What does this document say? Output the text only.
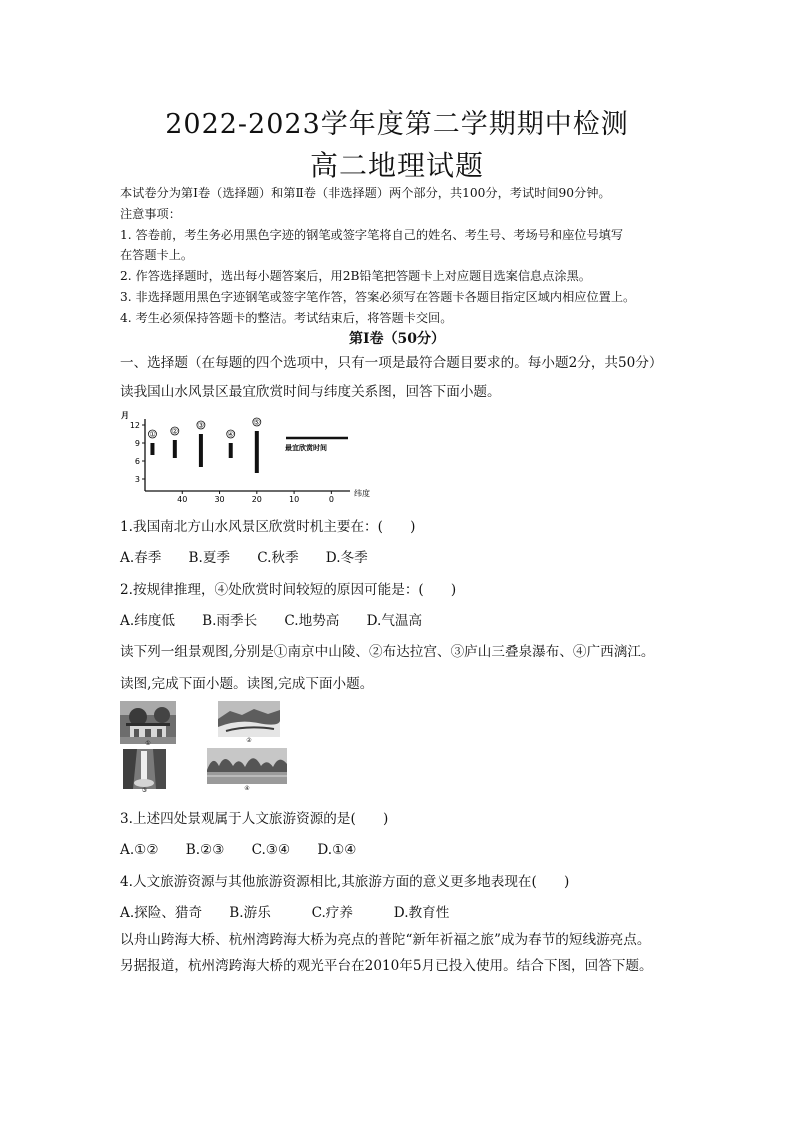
2022-2023学年度第二学期期中检测
高二地理试题
本试卷分为第Ⅰ卷（选择题）和第Ⅱ卷（非选择题）两个部分，共100分，考试时间90分钟。
注意事项：
1. 答卷前，考生务必用黑色字迹的钢笔或签字笔将自己的姓名、考生号、考场号和座位号填写
在答题卡上。
2. 作答选择题时，选出每小题答案后，用2B铅笔把答题卡上对应题目选案信息点涂黑。
3. 非选择题用黑色字迹钢笔或签字笔作答，答案必须写在答题卡各题目指定区域内相应位置上。
4. 考生必须保持答题卡的整洁。考试结束后，将答题卡交回。
第Ⅰ卷（50分）
一、选择题（在每题的四个选项中，只有一项是最符合题目要求的。每小题2分，共50分）
读我国山水风景区最宜欣赏时间与纬度关系图，回答下面小题。
月
纬度
12
9
6
3
40	30	20	10	0
① ②
③
④
⑤
最宜欣赏时间
1.我国南北方山水风景区欣赏时机主要在：(　　)
A.春季　　B.夏季　　C.秋季　　D.冬季
2.按规律推理，④处欣赏时间较短的原因可能是：(　　)
A.纬度低　　B.雨季长　　C.地势高　　D.气温高
读下列一组景观图,分别是①南京中山陵、②布达拉宫、③庐山三叠泉瀑布、④广西漓江。
读图,完成下面小题。读图,完成下面小题。
①	②
③	④
3.上述四处景观属于人文旅游资源的是(　　)
A.①②　　B.②③　　C.③④　　D.①④
4.人文旅游资源与其他旅游资源相比,其旅游方面的意义更多地表现在(　　)
A.探险、猎奇　　B.游乐　　　C.疗养　　　D.教育性
以舟山跨海大桥、杭州湾跨海大桥为亮点的普陀“新年祈福之旅”成为春节的短线游亮点。
另据报道，杭州湾跨海大桥的观光平台在2010年5月已投入使用。结合下图，回答下题。
